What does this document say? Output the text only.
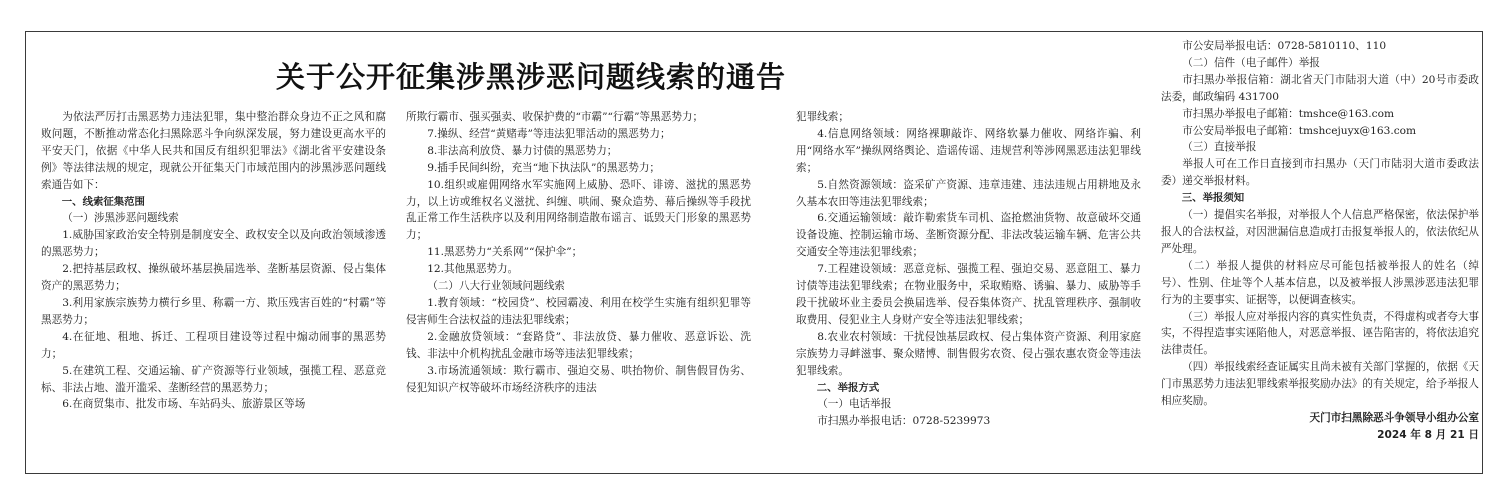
关于公开征集涉黑涉恶问题线索的通告

为依法严厉打击黑恶势力违法犯罪，集中整治群众身边不正之风和腐败问题，不断推动常态化扫黑除恶斗争向纵深发展，努力建设更高水平的平安天门，依据《中华人民共和国反有组织犯罪法》《湖北省平安建设条例》等法律法规的规定，现就公开征集天门市域范围内的涉黑涉恶问题线索通告如下：

一、线索征集范围

（一）涉黑涉恶问题线索

1.威胁国家政治安全特别是制度安全、政权安全以及向政治领域渗透的黑恶势力；

2.把持基层政权、操纵破坏基层换届选举、垄断基层资源、侵占集体资产的黑恶势力；

3.利用家族宗族势力横行乡里、称霸一方、欺压残害百姓的“村霸”等黑恶势力；

4.在征地、租地、拆迁、工程项目建设等过程中煽动闹事的黑恶势力；

5.在建筑工程、交通运输、矿产资源等行业领域，强揽工程、恶意竞标、非法占地、滥开滥采、垄断经营的黑恶势力；

6.在商贸集市、批发市场、车站码头、旅游景区等场

所欺行霸市、强买强卖、收保护费的“市霸”“行霸”等黑恶势力；

7.操纵、经营“黄赌毒”等违法犯罪活动的黑恶势力；

8.非法高利放贷、暴力讨债的黑恶势力；

9.插手民间纠纷，充当“地下执法队”的黑恶势力；

10.组织或雇佣网络水军实施网上威胁、恐吓、诽谤、滋扰的黑恶势力，以上访或维权名义滋扰、纠缠、哄闹、聚众造势、幕后操纵等手段扰乱正常工作生活秩序以及利用网络制造散布谣言、诋毁天门形象的黑恶势力；

11.黑恶势力“关系网”“保护伞”；

12.其他黑恶势力。

（二）八大行业领域问题线索

1.教育领域：“校园贷”、校园霸凌、利用在校学生实施有组织犯罪等侵害师生合法权益的违法犯罪线索；

2.金融放贷领域：“套路贷”、非法放贷、暴力催收、恶意诉讼、洗钱、非法中介机构扰乱金融市场等违法犯罪线索；

3.市场流通领域：欺行霸市、强迫交易、哄抬物价、制售假冒伪劣、侵犯知识产权等破坏市场经济秩序的违法

犯罪线索；

4.信息网络领域：网络裸聊敲诈、网络软暴力催收、网络诈骗、利用“网络水军”操纵网络舆论、造谣传谣、违规营利等涉网黑恶违法犯罪线索；

5.自然资源领域：盗采矿产资源、违章违建、违法违规占用耕地及永久基本农田等违法犯罪线索；

6.交通运输领域：敲诈勒索货车司机、盗抢燃油货物、故意破坏交通设备设施、控制运输市场、垄断资源分配、非法改装运输车辆、危害公共交通安全等违法犯罪线索；

7.工程建设领域：恶意竞标、强揽工程、强迫交易、恶意阻工、暴力讨债等违法犯罪线索；在物业服务中，采取贿赂、诱骗、暴力、威胁等手段干扰破坏业主委员会换届选举、侵吞集体资产、扰乱管理秩序、强制收取费用、侵犯业主人身财产安全等违法犯罪线索；

8.农业农村领域：干扰侵蚀基层政权、侵占集体资产资源、利用家庭宗族势力寻衅滋事、聚众赌博、制售假劣农资、侵占强农惠农资金等违法犯罪线索。

二、举报方式

（一）电话举报

市扫黑办举报电话：0728-5239973

市公安局举报电话：0728-5810110、110

（二）信件（电子邮件）举报

市扫黑办举报信箱：湖北省天门市陆羽大道（中）20号市委政法委，邮政编码 431700

市扫黑办举报电子邮箱：tmshce@163.com

市公安局举报电子邮箱：tmshcejuyx@163.com

（三）直接举报

举报人可在工作日直接到市扫黑办（天门市陆羽大道市委政法委）递交举报材料。

三、举报须知

（一）提倡实名举报，对举报人个人信息严格保密，依法保护举报人的合法权益，对因泄漏信息造成打击报复举报人的，依法依纪从严处理。

（二）举报人提供的材料应尽可能包括被举报人的姓名（绰号）、性别、住址等个人基本信息，以及被举报人涉黑涉恶违法犯罪行为的主要事实、证据等，以便调查核实。

（三）举报人应对举报内容的真实性负责，不得虚构或者夸大事实，不得捏造事实诬陷他人，对恶意举报、诬告陷害的，将依法追究法律责任。

（四）举报线索经查证属实且尚未被有关部门掌握的，依据《天门市黑恶势力违法犯罪线索举报奖励办法》的有关规定，给予举报人相应奖励。

天门市扫黑除恶斗争领导小组办公室

2024 年 8 月 21 日
